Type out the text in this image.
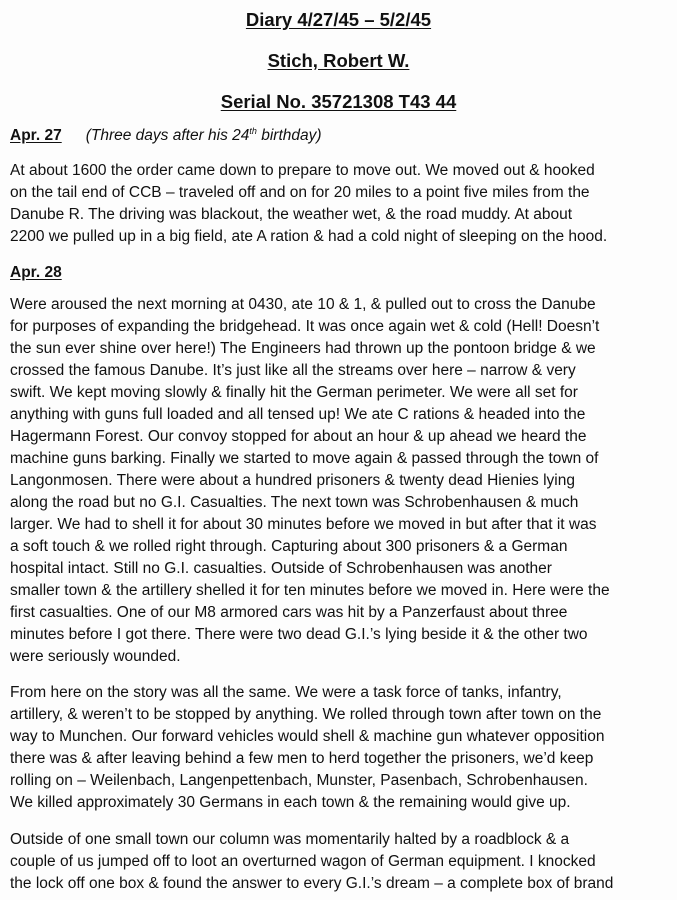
Diary 4/27/45 – 5/2/45
Stich, Robert W.
Serial No. 35721308 T43 44
Apr. 27 (Three days after his 24th birthday)
At about 1600 the order came down to prepare to move out. We moved out & hooked
on the tail end of CCB – traveled off and on for 20 miles to a point five miles from the
Danube R. The driving was blackout, the weather wet, & the road muddy. At about
2200 we pulled up in a big field, ate A ration & had a cold night of sleeping on the hood.
Apr. 28
Were aroused the next morning at 0430, ate 10 & 1, & pulled out to cross the Danube
for purposes of expanding the bridgehead. It was once again wet & cold (Hell! Doesn’t
the sun ever shine over here!) The Engineers had thrown up the pontoon bridge & we
crossed the famous Danube. It’s just like all the streams over here – narrow & very
swift. We kept moving slowly & finally hit the German perimeter. We were all set for
anything with guns full loaded and all tensed up! We ate C rations & headed into the
Hagermann Forest. Our convoy stopped for about an hour & up ahead we heard the
machine guns barking. Finally we started to move again & passed through the town of
Langonmosen. There were about a hundred prisoners & twenty dead Hienies lying
along the road but no G.I. Casualties. The next town was Schrobenhausen & much
larger. We had to shell it for about 30 minutes before we moved in but after that it was
a soft touch & we rolled right through. Capturing about 300 prisoners & a German
hospital intact. Still no G.I. casualties. Outside of Schrobenhausen was another
smaller town & the artillery shelled it for ten minutes before we moved in. Here were the
first casualties. One of our M8 armored cars was hit by a Panzerfaust about three
minutes before I got there. There were two dead G.I.’s lying beside it & the other two
were seriously wounded.
From here on the story was all the same. We were a task force of tanks, infantry,
artillery, & weren’t to be stopped by anything. We rolled through town after town on the
way to Munchen. Our forward vehicles would shell & machine gun whatever opposition
there was & after leaving behind a few men to herd together the prisoners, we’d keep
rolling on – Weilenbach, Langenpettenbach, Munster, Pasenbach, Schrobenhausen.
We killed approximately 30 Germans in each town & the remaining would give up.
Outside of one small town our column was momentarily halted by a roadblock & a
couple of us jumped off to loot an overturned wagon of German equipment. I knocked
the lock off one box & found the answer to every G.I.’s dream – a complete box of brand
